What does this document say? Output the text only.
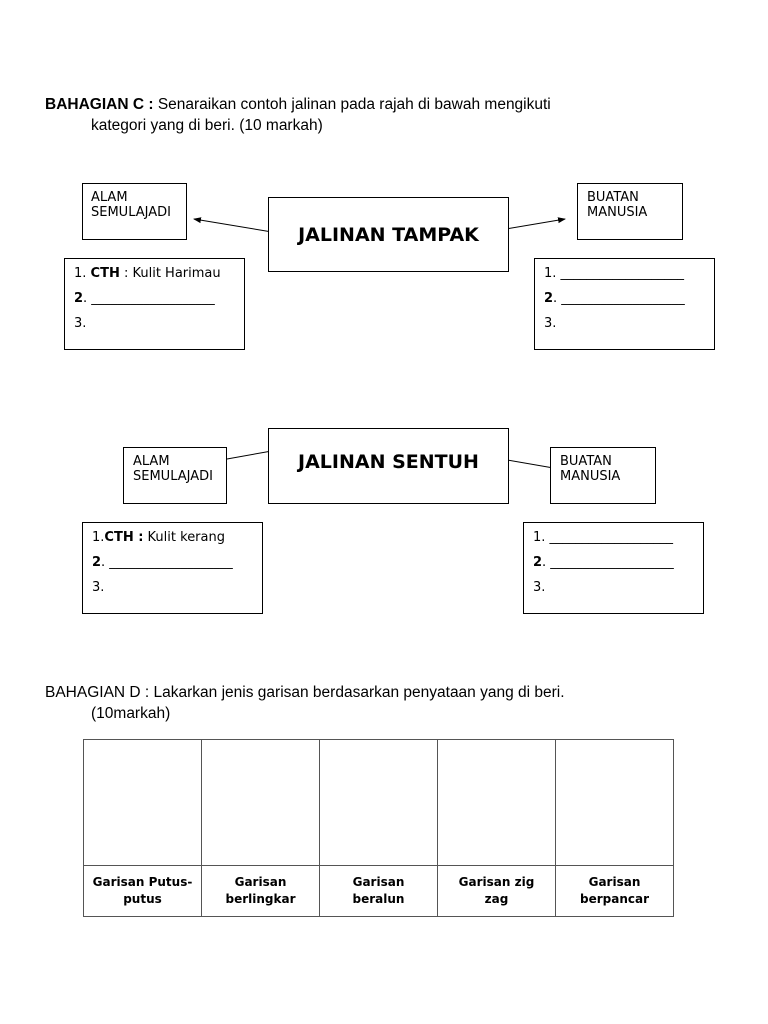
BAHAGIAN C : Senaraikan contoh jalinan pada rajah di bawah mengikuti
kategori yang di beri. (10 markah)
ALAM
SEMULAJADI
JALINAN TAMPAK
BUATAN
MANUSIA
1. CTH : Kulit Harimau
2. ___________________
3.
1. ___________________
2. ___________________
3.
ALAM
SEMULAJADI
JALINAN SENTUH	BUATAN
MANUSIA
1.CTH : Kulit kerang
2. ___________________
3.
1. ___________________
2. ___________________
3.
BAHAGIAN D : Lakarkan jenis garisan berdasarkan penyataan yang di beri.
(10markah)

Garisan Putus-
putus	Garisan
berlingkar	Garisan
beralun	Garisan zig
zag	Garisan
berpancar
